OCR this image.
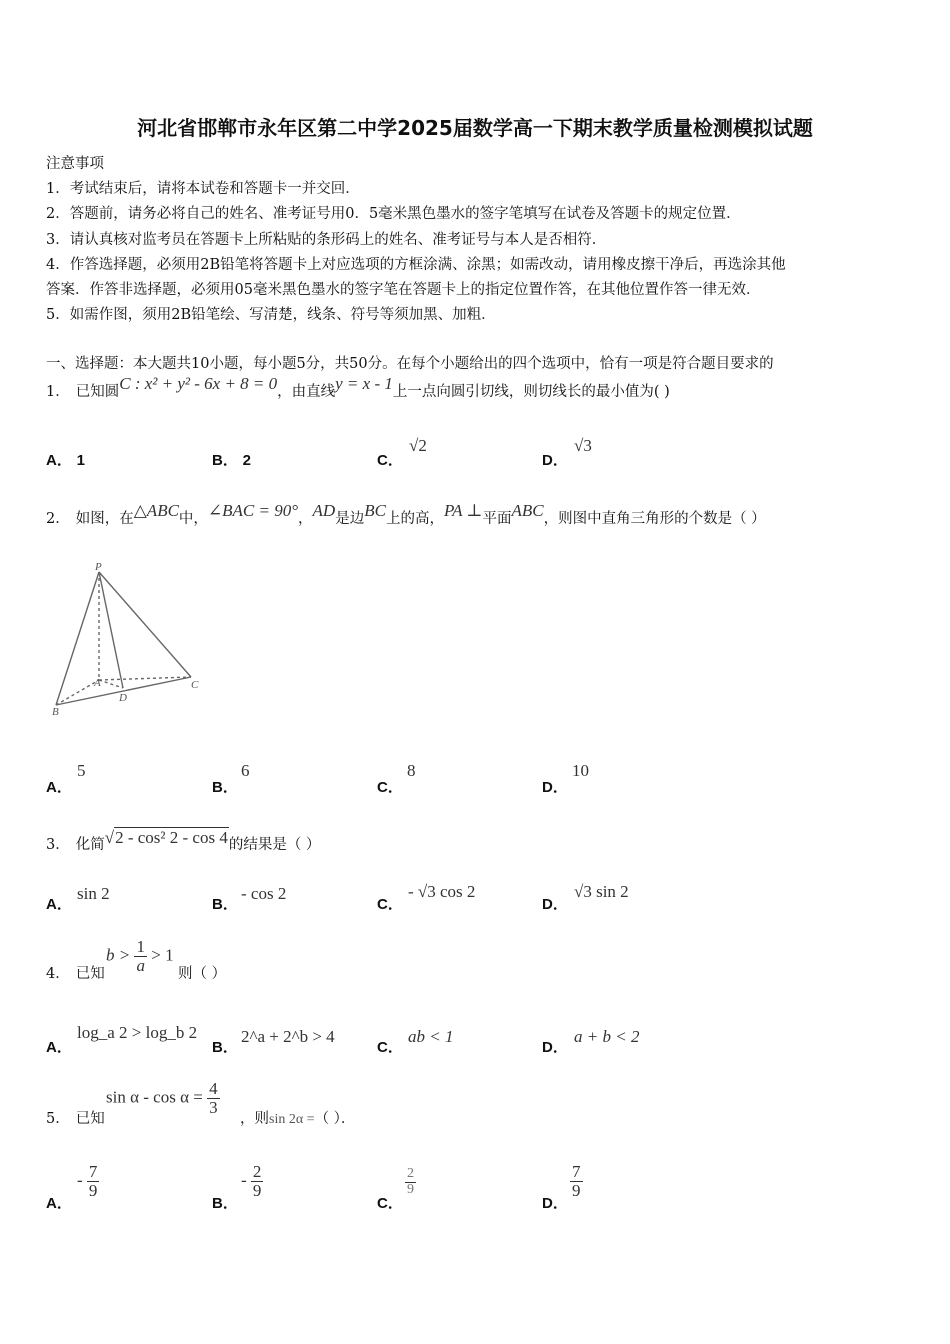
河北省邯郸市永年区第二中学2025届数学高一下期末教学质量检测模拟试题
注意事项
1．考试结束后，请将本试卷和答题卡一并交回．
2．答题前，请务必将自己的姓名、准考证号用0．5毫米黑色墨水的签字笔填写在试卷及答题卡的规定位置．
3．请认真核对监考员在答题卡上所粘贴的条形码上的姓名、准考证号与本人是否相符．
4．作答选择题，必须用2B铅笔将答题卡上对应选项的方框涂满、涂黑；如需改动，请用橡皮擦干净后，再选涂其他
答案．作答非选择题，必须用05毫米黑色墨水的签字笔在答题卡上的指定位置作答，在其他位置作答一律无效．
5．如需作图，须用2B铅笔绘、写清楚，线条、符号等须加黑、加粗．
一、选择题：本大题共10小题，每小题5分，共50分。在每个小题给出的四个选项中，恰有一项是符合题目要求的
1． 已知圆C : x² + y² - 6x + 8 = 0，由直线y = x - 1上一点向圆引切线，则切线长的最小值为( )
A． 1	B． 2	C．
√2
D．
√3
2． 如图，在△ABC中，∠BAC = 90°，AD是边BC上的高，PA ⊥平面ABC，则图中直角三角形的个数是（ ）
P
A
B
D
C
A．
5
B．
6
C．
8
D．
10
3． 化简√2 - cos² 2 - cos 4的结果是（ ）
A．
sin 2
B．
- cos 2
C．
- √3 cos 2
D．
√3 sin 2
4． 已知
$b > \frac{1}{a} > 1$
则（ ）
A．
log_a 2 > log_b 2
B．
2^a + 2^b > 4
C．
ab < 1
D．
a + b < 2
5． 已知
$\sin \alpha - \cos \alpha = \frac{4}{3}$
，则sin 2α =（ ）．
A．
- $\frac{7}{9}$
B．
- $\frac{2}{9}$
C．
$\frac{2}{9}$
D．
$\frac{7}{9}$
